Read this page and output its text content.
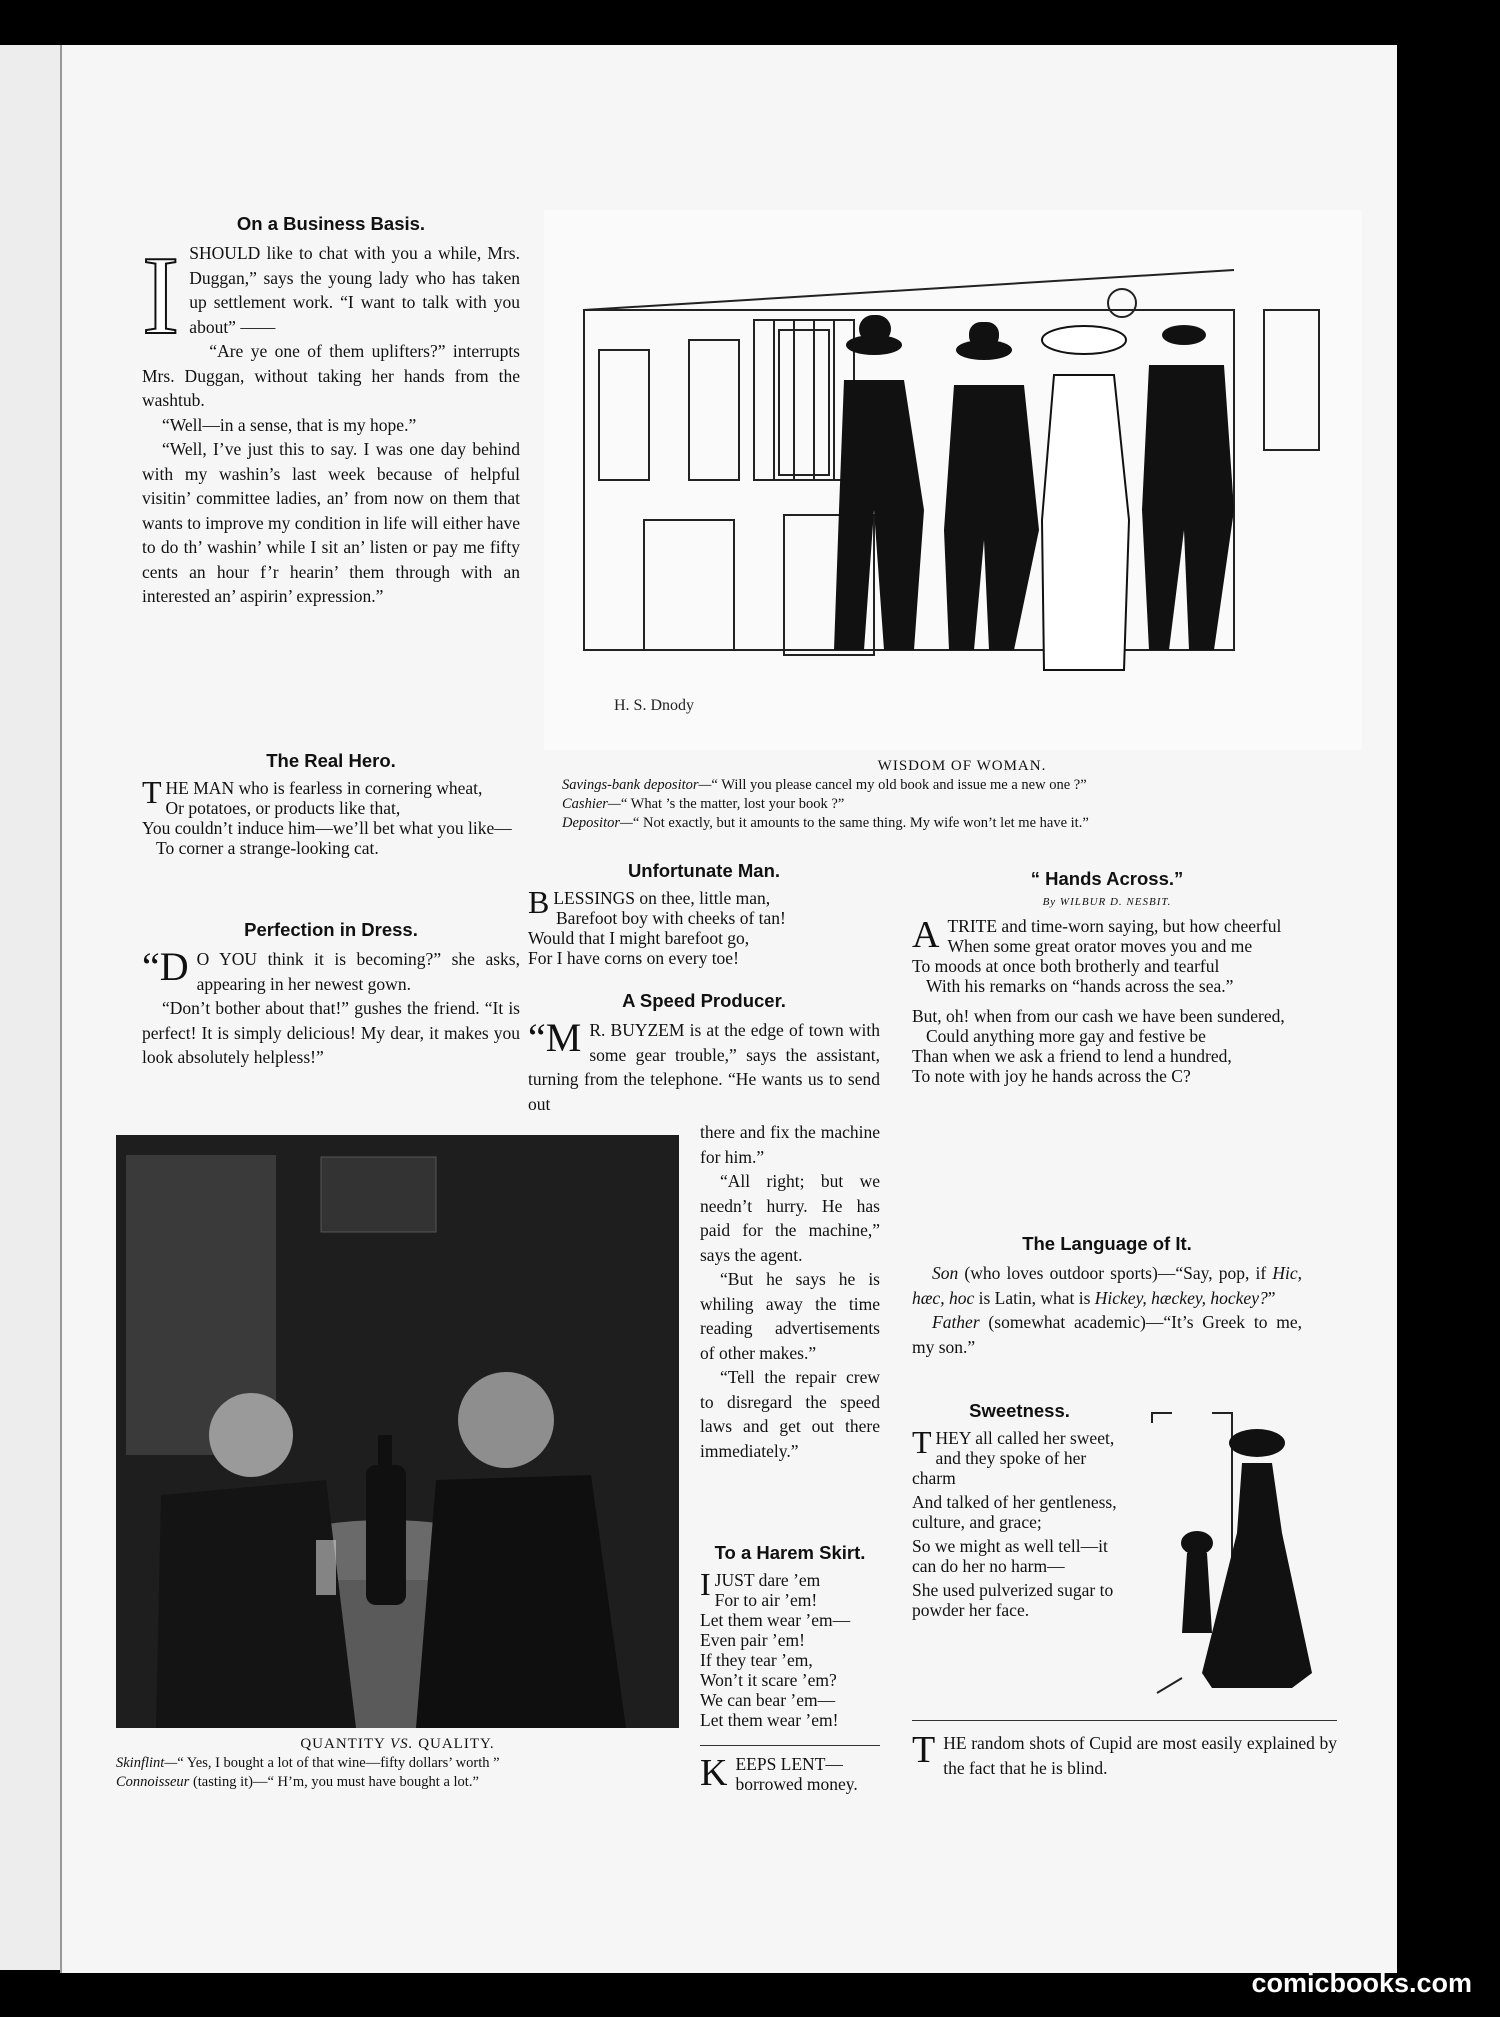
On a Business Basis.

ISHOULD like to chat with you a while, Mrs. Duggan,” says the young lady who has taken up settlement work. “I want to talk with you about” ——

“Are ye one of them uplifters?” interrupts Mrs. Duggan, without taking her hands from the washtub.

“Well—in a sense, that is my hope.”

“Well, I’ve just this to say. I was one day behind with my washin’s last week because of helpful visitin’ committee ladies, an’ from now on them that wants to improve my condition in life will either have to do th’ washin’ while I sit an’ listen or pay me fifty cents an hour f’r hearin’ them through with an interested an’ aspirin’ expression.”

The Real Hero.
T HE MAN who is fearless in cornering wheat,
Or potatoes, or products like that,
You couldn’t induce him—we’ll bet what you like—
To corner a strange-looking cat.
Perfection in Dress.

“D O YOU think it is becoming?” she asks, appearing in her newest gown.

“Don’t bother about that!” gushes the friend. “It is perfect! It is simply delicious! My dear, it makes you look absolutely helpless!”

H. S. Dnody
WISDOM OF WOMAN.
Savings-bank depositor—“ Will you please cancel my old book and issue me a new one ?”
Cashier—“ What ’s the matter, lost your book ?”
Depositor—“ Not exactly, but it amounts to the same thing. My wife won’t let me have it.”
Unfortunate Man.
B LESSINGS on thee, little man,
Barefoot boy with cheeks of tan!
Would that I might barefoot go,
For I have corns on every toe!
A Speed Producer.

“M R. BUYZEM is at the edge of town with some gear trouble,” says the assistant, turning from the telephone. “He wants us to send out

there and fix the machine for him.”

“All right; but we needn’t hurry. He has paid for the machine,” says the agent.

“But he says he is whiling away the time reading advertisements of other makes.”

“Tell the repair crew to disregard the speed laws and get out there immediately.”

To a Harem Skirt.
I JUST dare ’em
For to air ’em!
Let them wear ’em—
Even pair ’em!
If they tear ’em,
Won’t it scare ’em?
We can bear ’em—
Let them wear ’em!
K EEPS LENT—
borrowed money.
“ Hands Across.”
By WILBUR D. NESBIT.
A TRITE and time-worn saying, but how cheerful
When some great orator moves you and me
To moods at once both brotherly and tearful
With his remarks on “hands across the sea.”
But, oh! when from our cash we have been sundered,
Could anything more gay and festive be
Than when we ask a friend to lend a hundred,
To note with joy he hands across the C?
The Language of It.

Son (who loves outdoor sports)—“Say, pop, if Hic, hæc, hoc is Latin, what is Hickey, hæckey, hockey?”

Father (somewhat academic)—“It’s Greek to me, my son.”

Sweetness.
T HEY all called her sweet, and they spoke of her charm
And talked of her gentleness, culture, and grace;
So we might as well tell—it can do her no harm—
She used pulverized sugar to powder her face.

THE random shots of Cupid are most easily explained by the fact that he is blind.

QUANTITY VS. QUALITY.
Skinflint—“ Yes, I bought a lot of that wine—fifty dollars’ worth ”
Connoisseur (tasting it)—“ H’m, you must have bought a lot.”
comicbooks.com
